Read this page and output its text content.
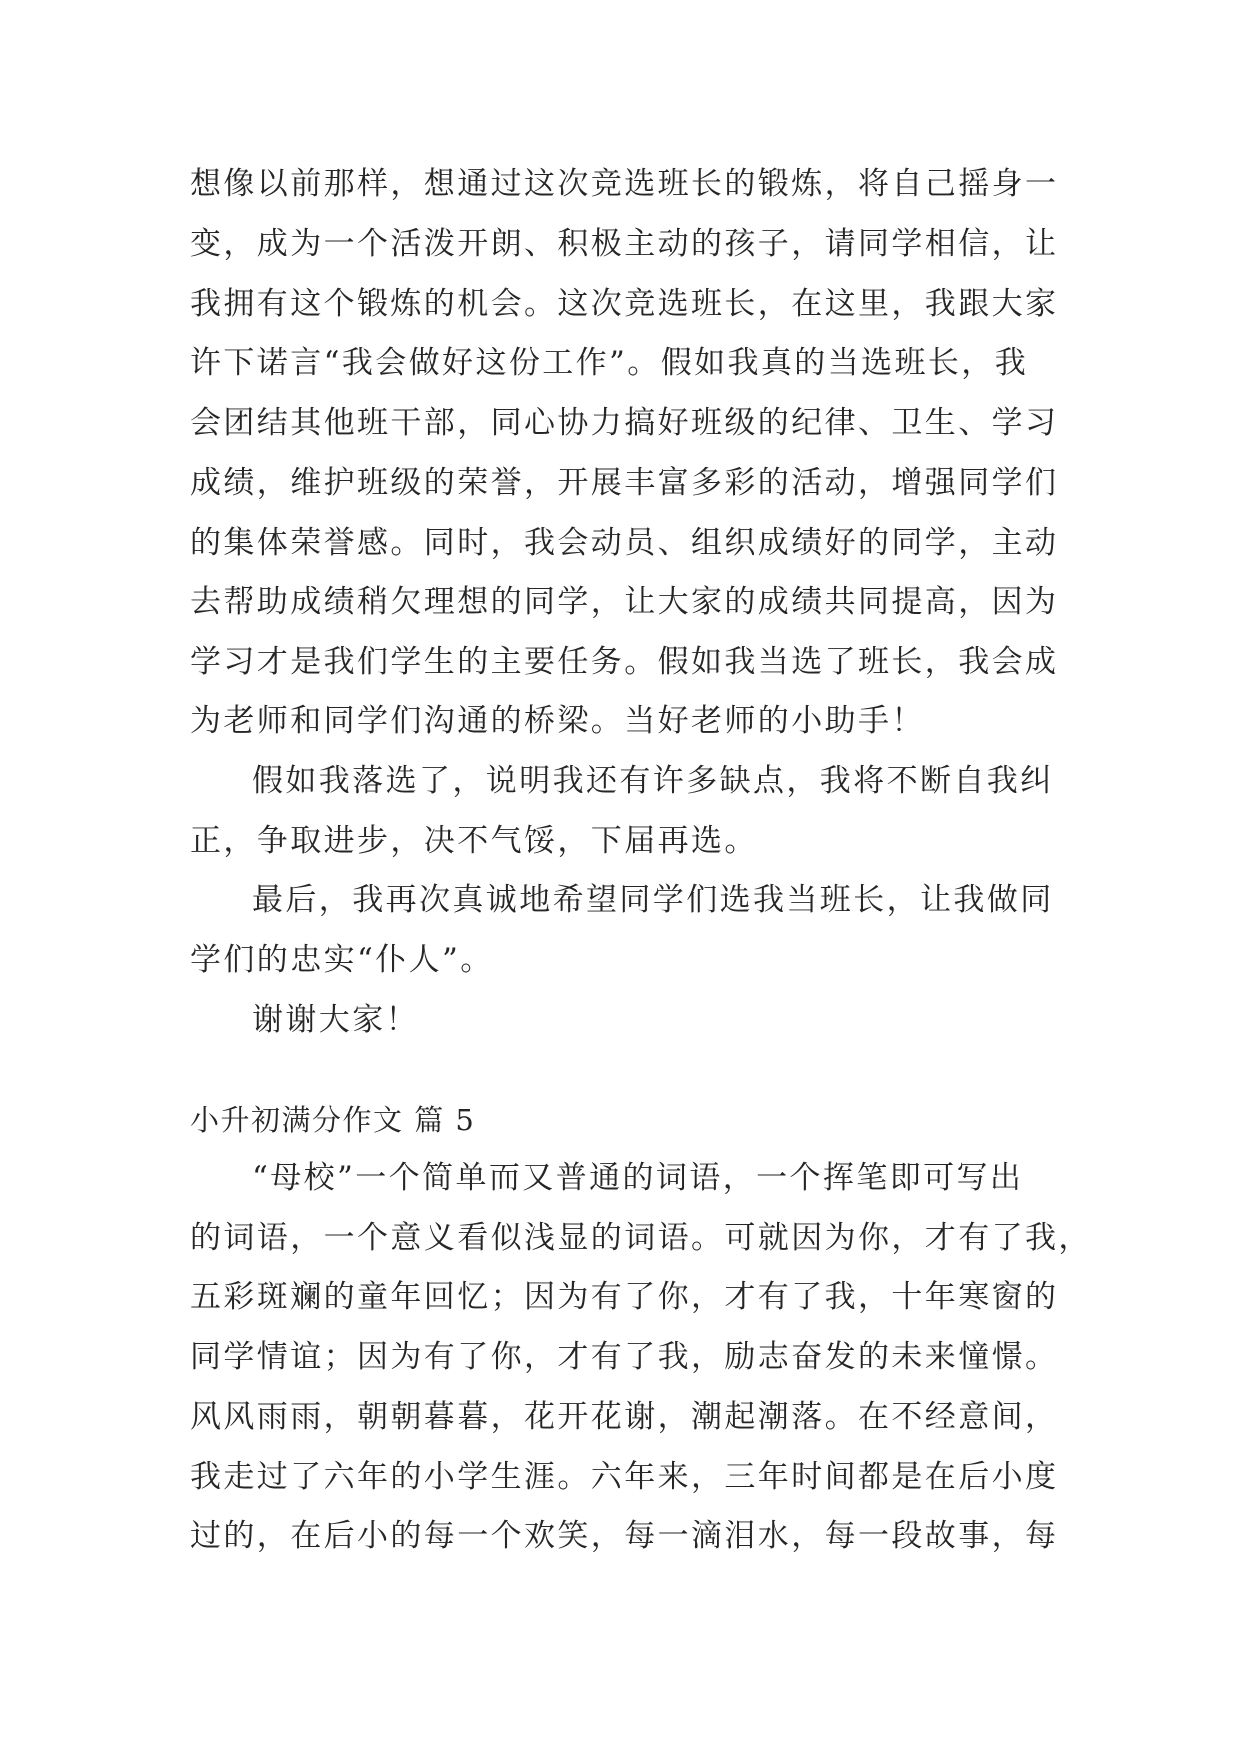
想像以前那样，想通过这次竞选班长的锻炼，将自己摇身一
变，成为一个活泼开朗、积极主动的孩子，请同学相信，让
我拥有这个锻炼的机会。这次竞选班长，在这里，我跟大家
许下诺言“我会做好这份工作”。假如我真的当选班长，我
会团结其他班干部，同心协力搞好班级的纪律、卫生、学习
成绩，维护班级的荣誉，开展丰富多彩的活动，增强同学们
的集体荣誉感。同时，我会动员、组织成绩好的同学，主动
去帮助成绩稍欠理想的同学，让大家的成绩共同提高，因为
学习才是我们学生的主要任务。假如我当选了班长，我会成
为老师和同学们沟通的桥梁。当好老师的小助手！
假如我落选了，说明我还有许多缺点，我将不断自我纠
正，争取进步，决不气馁，下届再选。
最后，我再次真诚地希望同学们选我当班长，让我做同
学们的忠实“仆人”。
谢谢大家！
小升初满分作文 篇 5
“母校”一个简单而又普通的词语，一个挥笔即可写出
的词语，一个意义看似浅显的词语。可就因为你，才有了我，
五彩斑斓的童年回忆；因为有了你，才有了我，十年寒窗的
同学情谊；因为有了你，才有了我，励志奋发的未来憧憬。
风风雨雨，朝朝暮暮，花开花谢，潮起潮落。在不经意间，
我走过了六年的小学生涯。六年来，三年时间都是在后小度
过的，在后小的每一个欢笑，每一滴泪水，每一段故事，每
